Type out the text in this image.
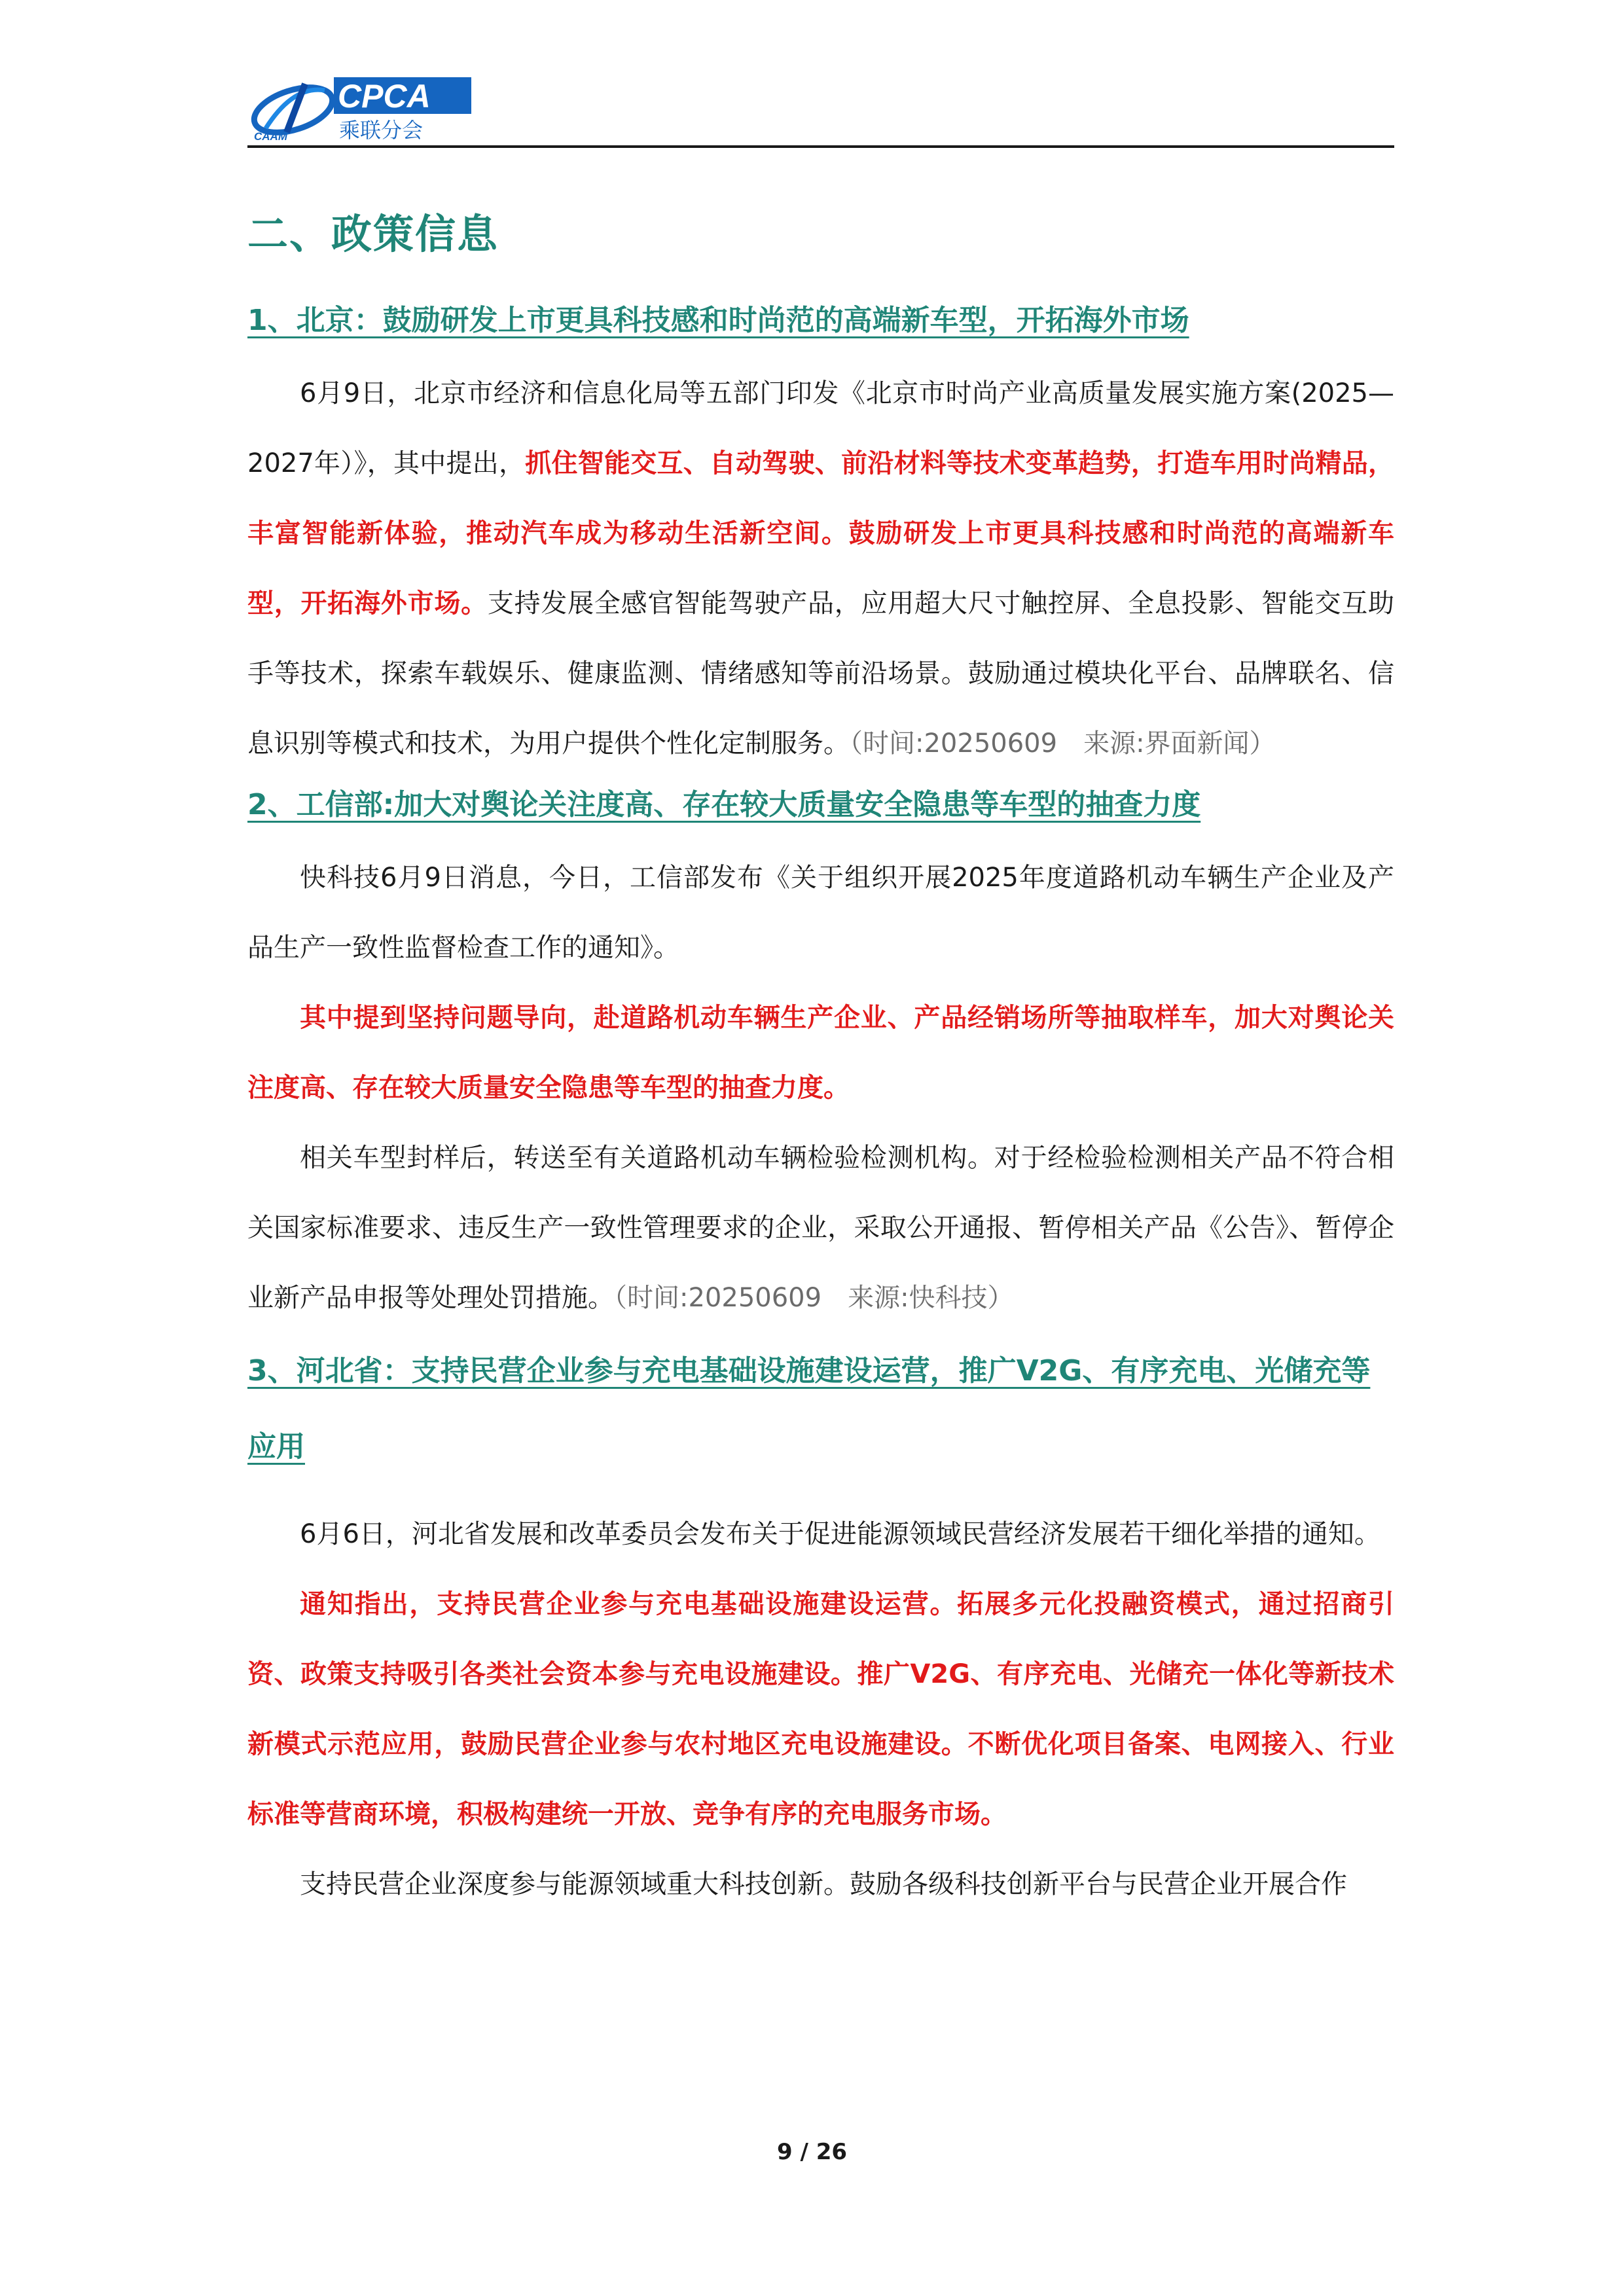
CAAM
CPCA
乘联分会
二、政策信息
1、北京：鼓励研发上市更具科技感和时尚范的高端新车型，开拓海外市场

6月9日，北京市经济和信息化局等五部门印发《北京市时尚产业高质量发展实施方案(2025—2027年）》，其中提出，抓住智能交互、自动驾驶、前沿材料等技术变革趋势，打造车用时尚精品，丰富智能新体验，推动汽车成为移动生活新空间。鼓励研发上市更具科技感和时尚范的高端新车型，开拓海外市场。支持发展全感官智能驾驶产品，应用超大尺寸触控屏、全息投影、智能交互助手等技术，探索车载娱乐、健康监测、情绪感知等前沿场景。鼓励通过模块化平台、品牌联名、信息识别等模式和技术，为用户提供个性化定制服务。（时间:20250609　来源:界面新闻）

2、工信部:加大对舆论关注度高、存在较大质量安全隐患等车型的抽查力度

快科技6月9日消息，今日，工信部发布《关于组织开展2025年度道路机动车辆生产企业及产品生产一致性监督检查工作的通知》。

其中提到坚持问题导向，赴道路机动车辆生产企业、产品经销场所等抽取样车，加大对舆论关注度高、存在较大质量安全隐患等车型的抽查力度。

相关车型封样后，转送至有关道路机动车辆检验检测机构。对于经检验检测相关产品不符合相关国家标准要求、违反生产一致性管理要求的企业，采取公开通报、暂停相关产品《公告》、暂停企业新产品申报等处理处罚措施。（时间:20250609　来源:快科技）

3、河北省：支持民营企业参与充电基础设施建设运营，推广V2G、有序充电、光储充等应用

6月6日，河北省发展和改革委员会发布关于促进能源领域民营经济发展若干细化举措的通知。

通知指出，支持民营企业参与充电基础设施建设运营。拓展多元化投融资模式，通过招商引资、政策支持吸引各类社会资本参与充电设施建设。推广V2G、有序充电、光储充一体化等新技术新模式示范应用，鼓励民营企业参与农村地区充电设施建设。不断优化项目备案、电网接入、行业标准等营商环境，积极构建统一开放、竞争有序的充电服务市场。

支持民营企业深度参与能源领域重大科技创新。鼓励各级科技创新平台与民营企业开展合作

9 / 26
